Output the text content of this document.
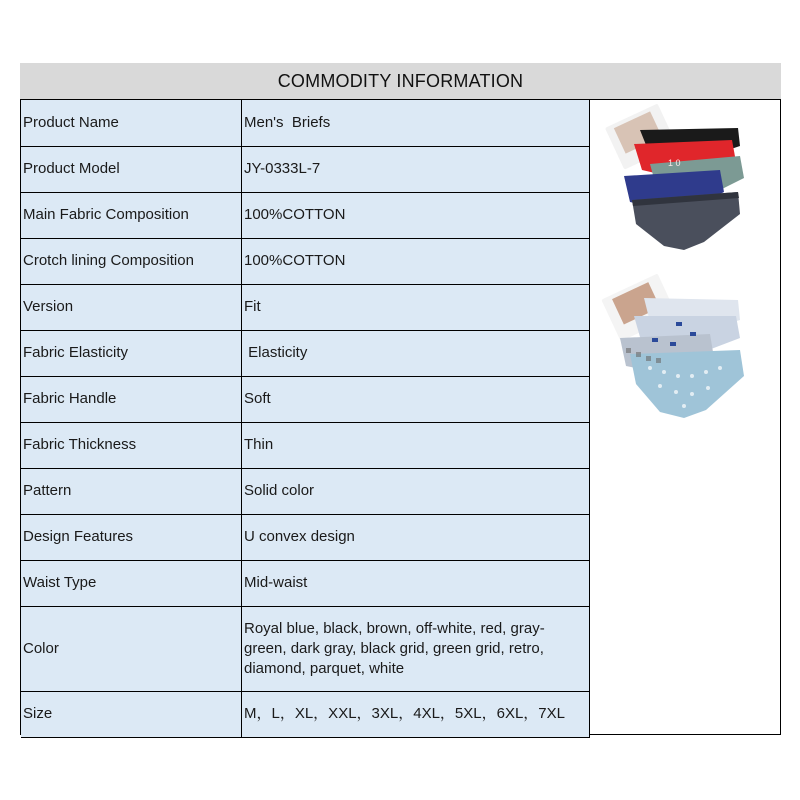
COMMODITY INFORMATION
Product Name	Men's  Briefs
Product Model	JY-0333L-7
Main Fabric Composition	100%COTTON
Crotch lining Composition	100%COTTON
Version	Fit
Fabric Elasticity	Elasticity
Fabric Handle	Soft
Fabric Thickness	Thin
Pattern	Solid color
Design Features	U convex design
Waist Type	Mid-waist
Color	Royal blue, black, brown, off-white, red, gray-green, dark gray, black grid, green grid, retro, diamond, parquet, white
Size	M，L，XL，XXL，3XL，4XL，5XL，6XL，7XL
1 0
